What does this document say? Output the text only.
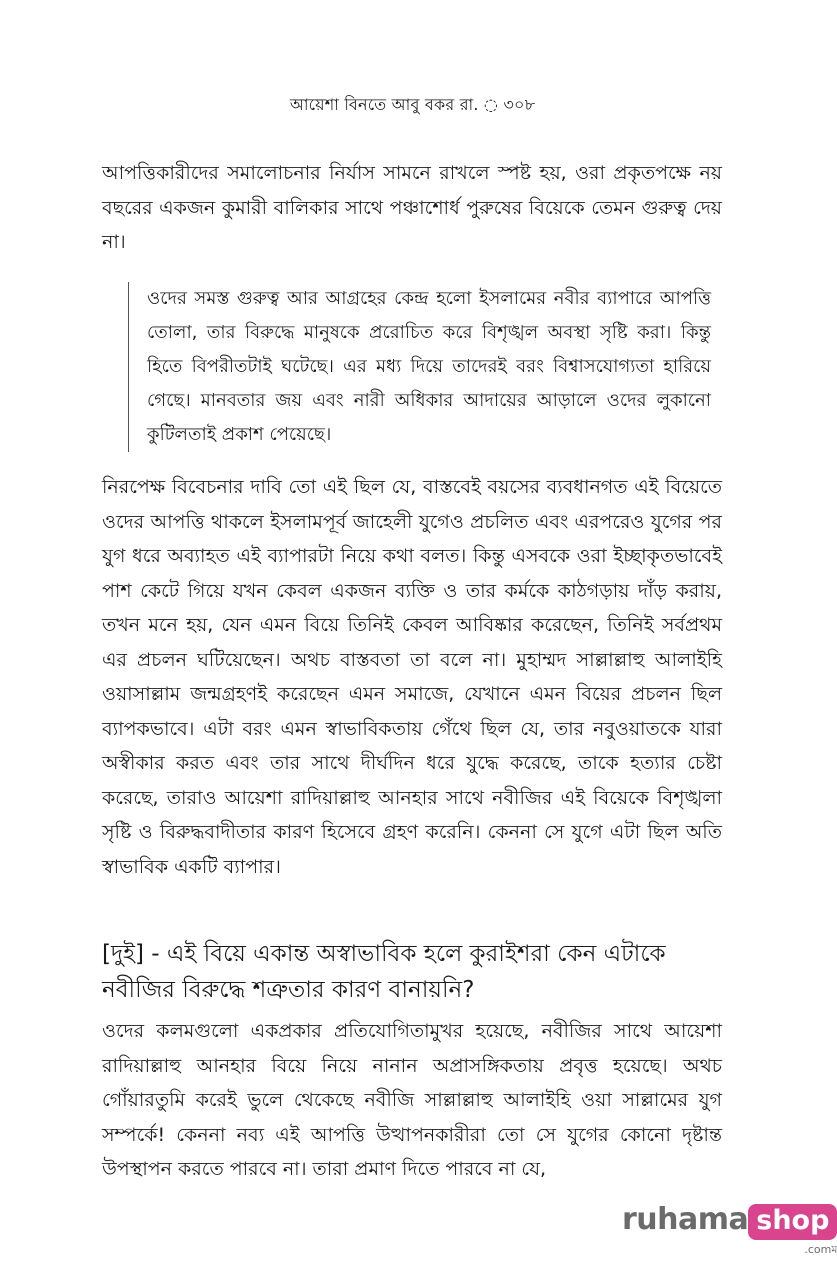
আয়েশা বিনতে আবু বকর রা. ◌ ৩০৮

আপত্তিকারীদের সমালোচনার নির্যাস সামনে রাখলে স্পষ্ট হয়, ওরা প্রকৃতপক্ষে নয় বছরের একজন কুমারী বালিকার সাথে পঞ্চাশোর্ধ পুরুষের বিয়েকে তেমন গুরুত্ব দেয় না।

ওদের সমস্ত গুরুত্ব আর আগ্রহের কেন্দ্র হলো ইসলামের নবীর ব্যাপারে আপত্তি তোলা, তার বিরুদ্ধে মানুষকে প্ররোচিত করে বিশৃঙ্খল অবস্থা সৃষ্টি করা। কিন্তু হিতে বিপরীতটাই ঘটেছে। এর মধ্য দিয়ে তাদেরই বরং বিশ্বাসযোগ্যতা হারিয়ে গেছে। মানবতার জয় এবং নারী অধিকার আদায়ের আড়ালে ওদের লুকানো কুটিলতাই প্রকাশ পেয়েছে।

নিরপেক্ষ বিবেচনার দাবি তো এই ছিল যে, বাস্তবেই বয়সের ব্যবধানগত এই বিয়েতে ওদের আপত্তি থাকলে ইসলামপূর্ব জাহেলী যুগেও প্রচলিত এবং এরপরেও যুগের পর যুগ ধরে অব্যাহত এই ব্যাপারটা নিয়ে কথা বলত। কিন্তু এসবকে ওরা ইচ্ছাকৃতভাবেই পাশ কেটে গিয়ে যখন কেবল একজন ব্যক্তি ও তার কর্মকে কাঠগড়ায় দাঁড় করায়, তখন মনে হয়, যেন এমন বিয়ে তিনিই কেবল আবিষ্কার করেছেন, তিনিই সর্বপ্রথম এর প্রচলন ঘটিয়েছেন। অথচ বাস্তবতা তা বলে না। মুহাম্মদ সাল্লাল্লাহু আলাইহি ওয়াসাল্লাম জন্মগ্রহণই করেছেন এমন সমাজে, যেখানে এমন বিয়ের প্রচলন ছিল ব্যাপকভাবে। এটা বরং এমন স্বাভাবিকতায় গেঁথে ছিল যে, তার নবুওয়াতকে যারা অস্বীকার করত এবং তার সাথে দীর্ঘদিন ধরে যুদ্ধে করেছে, তাকে হত্যার চেষ্টা করেছে, তারাও আয়েশা রাদিয়াল্লাহু আনহার সাথে নবীজির এই বিয়েকে বিশৃঙ্খলা সৃষ্টি ও বিরুদ্ধবাদীতার কারণ হিসেবে গ্রহণ করেনি। কেননা সে যুগে এটা ছিল অতি স্বাভাবিক একটি ব্যাপার।

[দুই] - এই বিয়ে একান্ত অস্বাভাবিক হলে কুরাইশরা কেন এটাকে নবীজির বিরুদ্ধে শত্রুতার কারণ বানায়নি?

ওদের কলমগুলো একপ্রকার প্রতিযোগিতামুখর হয়েছে, নবীজির সাথে আয়েশা রাদিয়াল্লাহু আনহার বিয়ে নিয়ে নানান অপ্রাসঙ্গিকতায় প্রবৃত্ত হয়েছে। অথচ গোঁয়ারতুমি করেই ভুলে থেকেছে নবীজি সাল্লাল্লাহু আলাইহি ওয়া সাল্লামের যুগ সম্পর্কে! কেননা নব্য এই আপত্তি উত্থাপনকারীরা তো সে যুগের কোনো দৃষ্টান্ত উপস্থাপন করতে পারবে না। তারা প্রমাণ দিতে পারবে না যে,

ruhama shop
.comম
